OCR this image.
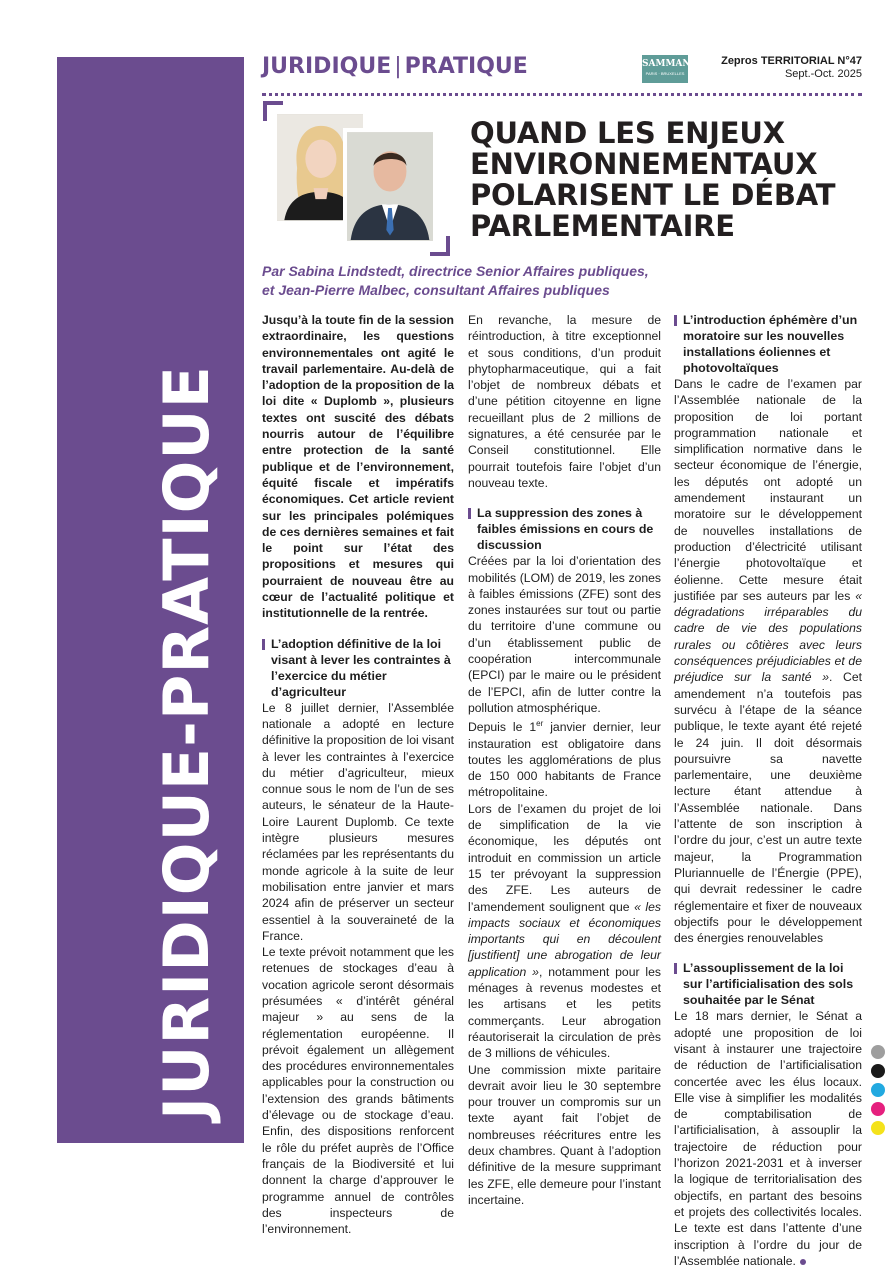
JURIDIQUE-PRATIQUE
JURIDIQUE | PRATIQUE	SAMMAN
PARIS · BRUXELLES
Zepros TERRITORIAL N°47
Sept.-Oct. 2025
QUAND LES ENJEUX ENVIRONNEMENTAUX POLARISENT LE DÉBAT PARLEMENTAIRE
Par Sabina Lindstedt, directrice Senior Affaires publiques,
et Jean-Pierre Malbec, consultant Affaires publiques

Jusqu’à la toute fin de la session extraordinaire, les questions environnementales ont agité le travail parlementaire. Au-delà de l’adoption de la proposition de la loi dite « Duplomb », plusieurs textes ont suscité des débats nourris autour de l’équilibre entre protection de la santé publique et de l’environnement, équité fiscale et impératifs économiques. Cet article revient sur les principales polémiques de ces dernières semaines et fait le point sur l’état des propositions et mesures qui pourraient de nouveau être au cœur de l’actualité politique et institutionnelle de la rentrée.

L’adoption définitive de la loi visant à lever les contraintes à l’exercice du métier d’agriculteur

Le 8 juillet dernier, l’Assemblée nationale a adopté en lecture définitive la proposition de loi visant à lever les contraintes à l’exercice du métier d’agriculteur, mieux connue sous le nom de l’un de ses auteurs, le sénateur de la Haute-Loire Laurent Duplomb. Ce texte intègre plusieurs mesures réclamées par les représentants du monde agricole à la suite de leur mobilisation entre janvier et mars 2024 afin de préserver un secteur essentiel à la souveraineté de la France.

Le texte prévoit notamment que les retenues de stockages d’eau à vocation agricole seront désormais présumées « d’intérêt général majeur » au sens de la réglementation européenne. Il prévoit également un allègement des procédures environnementales applicables pour la construction ou l’extension des grands bâtiments d’élevage ou de stockage d’eau. Enfin, des dispositions renforcent le rôle du préfet auprès de l’Office français de la Biodiversité et lui donnent la charge d’approuver le programme annuel de contrôles des inspecteurs de l’environnement.

En revanche, la mesure de réintroduction, à titre exceptionnel et sous conditions, d’un produit phytopharmaceutique, qui a fait l’objet de nombreux débats et d’une pétition citoyenne en ligne recueillant plus de 2 millions de signatures, a été censurée par le Conseil constitutionnel. Elle pourrait toutefois faire l’objet d’un nouveau texte.

La suppression des zones à faibles émissions en cours de discussion

Créées par la loi d’orientation des mobilités (LOM) de 2019, les zones à faibles émissions (ZFE) sont des zones instaurées sur tout ou partie du territoire d’une commune ou d’un établissement public de coopération intercommunale (EPCI) par le maire ou le président de l’EPCI, afin de lutter contre la pollution atmosphérique.

Depuis le 1er janvier dernier, leur instauration est obligatoire dans toutes les agglomérations de plus de 150 000 habitants de France métropolitaine.

Lors de l’examen du projet de loi de simplification de la vie économique, les députés ont introduit en commission un article 15 ter prévoyant la suppression des ZFE. Les auteurs de l’amendement soulignent que « les impacts sociaux et économiques importants qui en découlent [justifient] une abrogation de leur application », notamment pour les ménages à revenus modestes et les artisans et les petits commerçants. Leur abrogation réautoriserait la circulation de près de 3 millions de véhicules.

Une commission mixte paritaire devrait avoir lieu le 30 septembre pour trouver un compromis sur un texte ayant fait l’objet de nombreuses réécritures entre les deux chambres. Quant à l’adoption définitive de la mesure supprimant les ZFE, elle demeure pour l’instant incertaine.

L’introduction éphémère d’un moratoire sur les nouvelles installations éoliennes et photovoltaïques

Dans le cadre de l’examen par l’Assemblée nationale de la proposition de loi portant programmation nationale et simplification normative dans le secteur économique de l’énergie, les députés ont adopté un amendement instaurant un moratoire sur le développement de nouvelles installations de production d’électricité utilisant l’énergie photovoltaïque et éolienne. Cette mesure était justifiée par ses auteurs par les « dégradations irréparables du cadre de vie des populations rurales ou côtières avec leurs conséquences préjudiciables et de préjudice sur la santé ». Cet amendement n’a toutefois pas survécu à l’étape de la séance publique, le texte ayant été rejeté le 24 juin. Il doit désormais poursuivre sa navette parlementaire, une deuxième lecture étant attendue à l’Assemblée nationale. Dans l’attente de son inscription à l’ordre du jour, c’est un autre texte majeur, la Programmation Pluriannuelle de l’Énergie (PPE), qui devrait redessiner le cadre réglementaire et fixer de nouveaux objectifs pour le développement des énergies renouvelables

L’assouplissement de la loi sur l’artificialisation des sols souhaitée par le Sénat

Le 18 mars dernier, le Sénat a adopté une proposition de loi visant à instaurer une trajectoire de réduction de l’artificialisation concertée avec les élus locaux. Elle vise à simplifier les modalités de comptabilisation de l’artificialisation, à assouplir la trajectoire de réduction pour l’horizon 2021-2031 et à inverser la logique de territorialisation des objectifs, en partant des besoins et projets des collectivités locales. Le texte est dans l’attente d’une inscription à l’ordre du jour de l’Assemblée nationale.
